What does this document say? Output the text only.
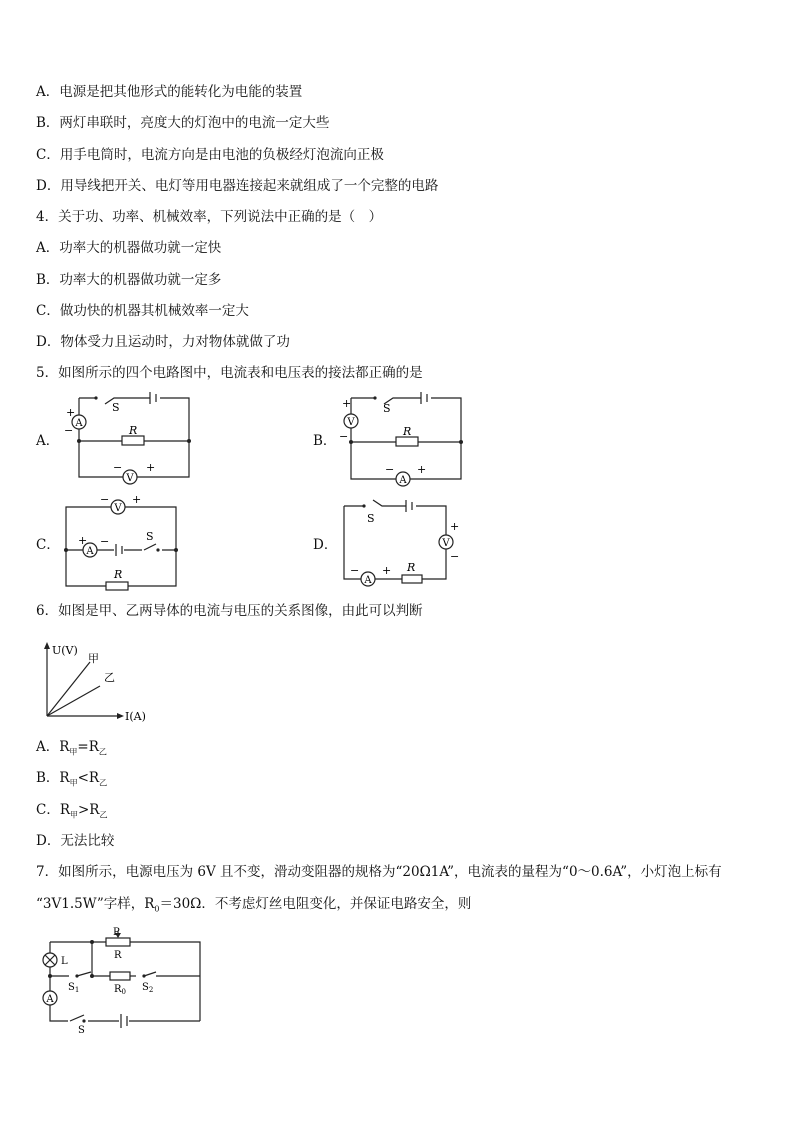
A．电源是把其他形式的能转化为电能的装置
B．两灯串联时，亮度大的灯泡中的电流一定大些
C．用手电筒时，电流方向是由电池的负极经灯泡流向正极
D．用导线把开关、电灯等用电器连接起来就组成了一个完整的电路
4．关于功、功率、机械效率，下列说法中正确的是（　）
A．功率大的机器做功就一定快
B．功率大的机器做功就一定多
C．做功快的机器其机械效率一定大
D．物体受力且运动时，力对物体就做了功
5．如图所示的四个电路图中，电流表和电压表的接法都正确的是
A．	B．
C．	D．
A
+
−
S
R
V
− +
V
+
−
S
R
A
− +
V
− +
A
+ −	S
R
S
V
+
−
A
− + R
6．如图是甲、乙两导体的电流与电压的关系图像，由此可以判断
U(V)
I(A)
甲
乙
A．$R_甲=R_乙$
B．$R_甲<R_乙$
C．$R_甲>R_乙$
D．无法比较
7．如图所示，电源电压为 6V 且不变，滑动变阻器的规格为“20Ω1A”，电流表的量程为“0～0.6A”，小灯泡上标有
“3V1.5W”字样，$R_0=30\Omega$．不考虑灯丝电阻变化，并保证电路安全，则
P
R
L
A
$S_1$	$R_0$ $S_2$
S
